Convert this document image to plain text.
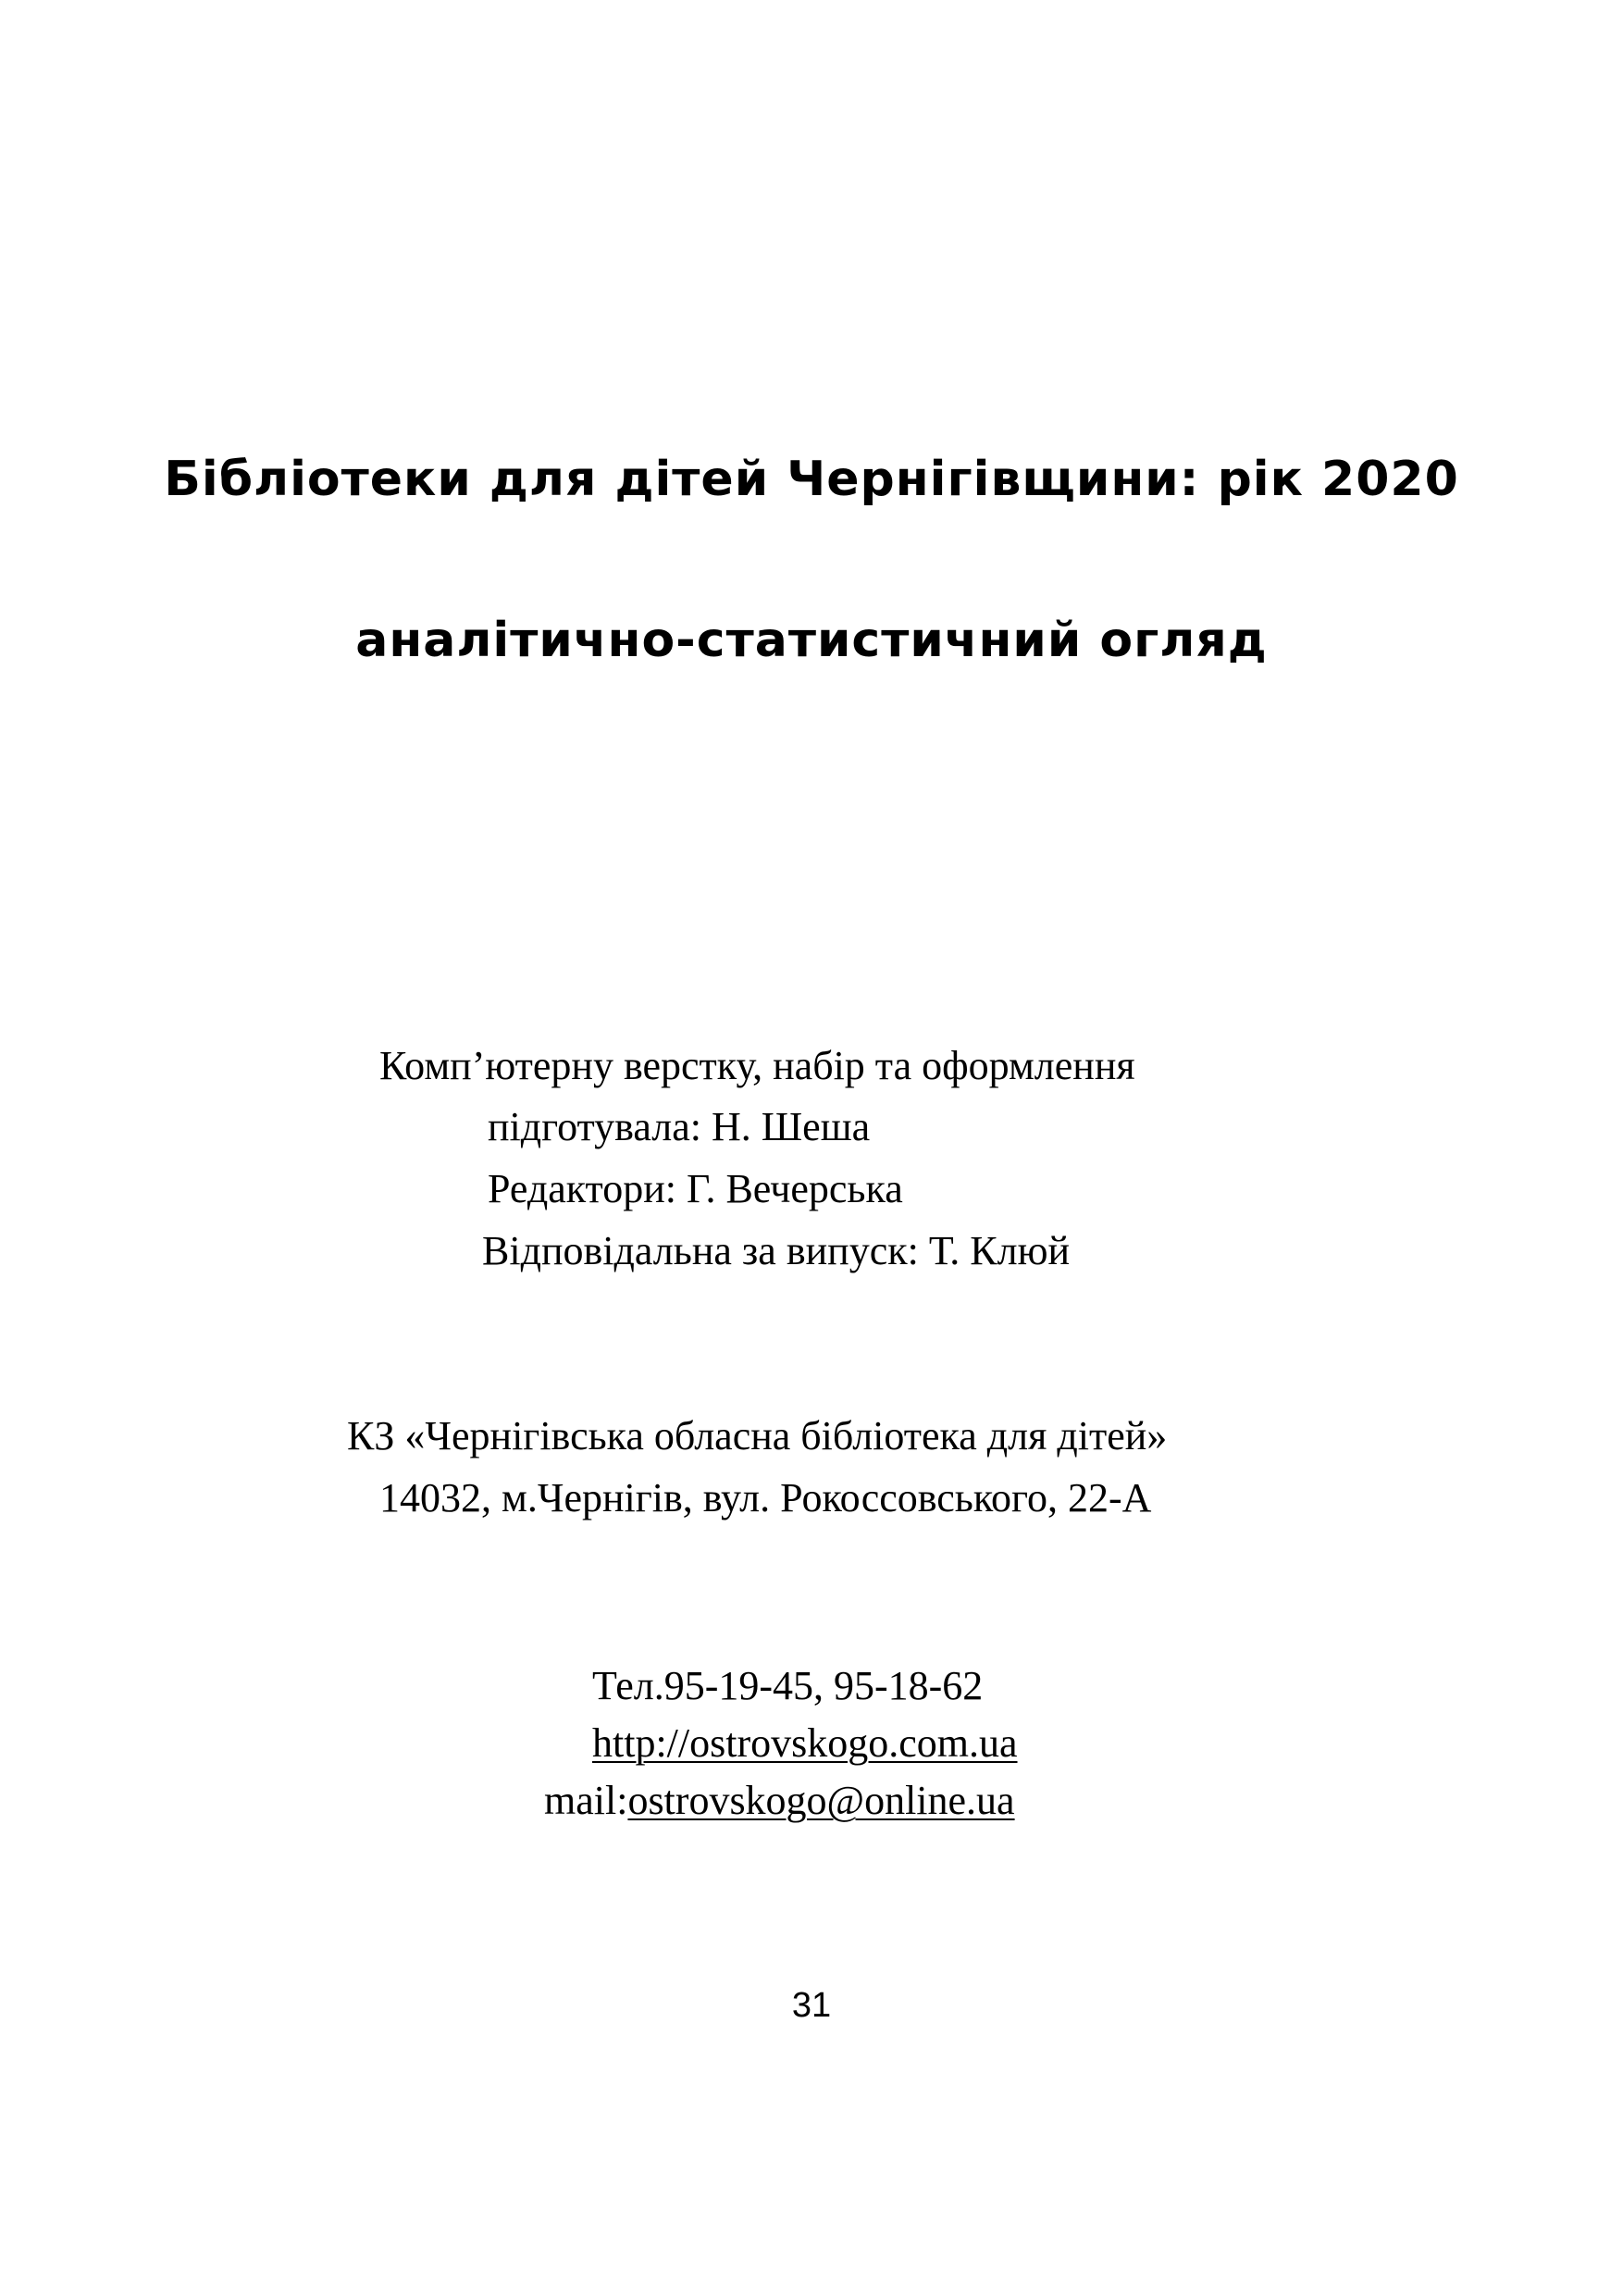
Бібліотеки для дітей Чернігівщини: рік 2020
аналітично-статистичний огляд
Комп’ютерну верстку, набір та оформлення
підготувала: Н. Шеша
Редактори: Г. Вечерська
Відповідальна за випуск: Т. Клюй
КЗ «Чернігівська обласна бібліотека для дітей»
14032, м.Чернігів, вул. Рокоссовського, 22-А
Тел.95-19-45, 95-18-62
http://ostrovskogo.com.ua
mail:ostrovskogo@online.ua
31
